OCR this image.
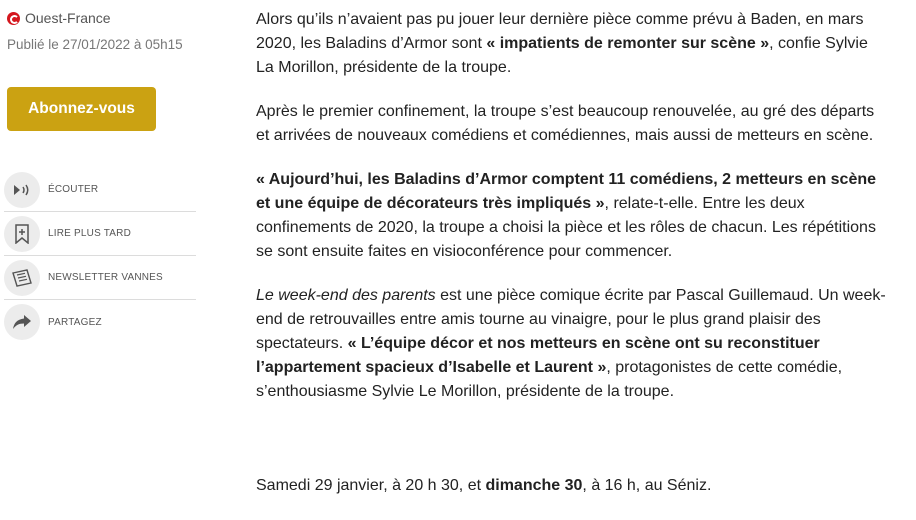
Ouest-France
Publié le 27/01/2022 à 05h15
Abonnez-vous
ÉCOUTER
LIRE PLUS TARD
NEWSLETTER VANNES
PARTAGEZ

Alors qu’ils n’avaient pas pu jouer leur dernière pièce comme prévu à Baden, en mars 2020, les Baladins d’Armor sont « impatients de remonter sur scène », confie Sylvie La Morillon, présidente de la troupe.

Après le premier confinement, la troupe s’est beaucoup renouvelée, au gré des départs et arrivées de nouveaux comédiens et comédiennes, mais aussi de metteurs en scène.

« Aujourd’hui, les Baladins d’Armor comptent 11 comédiens, 2 metteurs en scène et une équipe de décorateurs très impliqués », relate-t-elle. Entre les deux confinements de 2020, la troupe a choisi la pièce et les rôles de chacun. Les répétitions se sont ensuite faites en visioconférence pour commencer.

Le week-end des parents est une pièce comique écrite par Pascal Guillemaud. Un week-end de retrouvailles entre amis tourne au vinaigre, pour le plus grand plaisir des spectateurs. « L’équipe décor et nos metteurs en scène ont su reconstituer l’appartement spacieux d’Isabelle et Laurent », protagonistes de cette comédie, s’enthousiasme Sylvie Le Morillon, présidente de la troupe.

Samedi 29 janvier, à 20 h 30, et dimanche 30, à 16 h, au Séniz.
